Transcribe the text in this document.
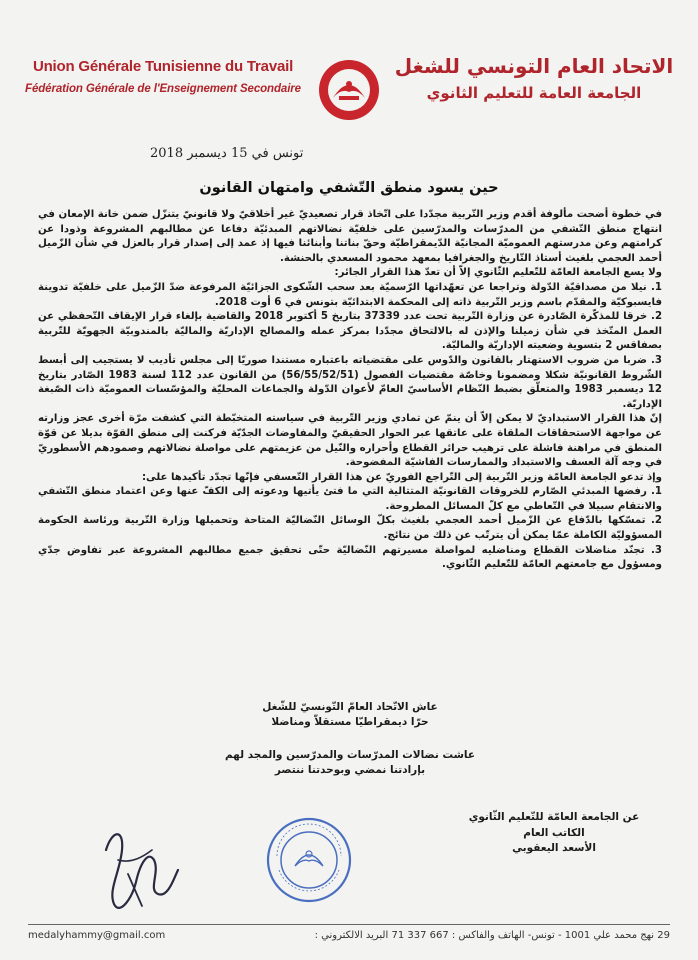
Union Générale Tunisienne du Travail
Fédération Générale de l'Enseignement Secondaire
الاتحاد العام التونسي للشغل
الجامعة العامة للتعليم الثانوي
تونس في 15 ديسمبر 2018
حين يسود منطق التّشفي وامتهان القانون

في خطوة أضحت مألوفة أقدم وزير التّربية مجدّدا على اتّخاذ قرار تصعيديّ غير أخلاقيّ ولا قانونيّ يتنزّل ضمن خانة الإمعان في انتهاج منطق التّشفي من المدرّسات والمدرّسين على خلفيّة نضالاتهم المبدئيّة دفاعا عن مطالبهم المشروعة وذودا عن كرامتهم وعن مدرستهم العموميّة المجانيّة الدّيمقراطيّة وحقّ بناتنا وأبنائنا فيها إذ عمد إلى إصدار قرار بالعزل في شأن الزّميل أحمد العجمي بلغيث أستاذ التّاريخ والجغرافيا بمعهد محمود المسعدي بالحنشة.

ولا يسع الجامعة العامّة للتّعليم الثّانوي إلاّ أن تعدّ هذا القرار الجائر:

1. نيلا من مصداقيّة الدّولة وتراجعا عن تعهّداتها الرّسميّة بعد سحب الشّكوى الجزائيّة المرفوعة ضدّ الزّميل على خلفيّة تدوينة فايسبوكيّة والمقدّم باسم وزير التّربية ذاته إلى المحكمة الابتدائيّة بتونس في 6 أوت 2018.

2. خرقا للمذكّرة الصّادرة عن وزارة التّربية تحت عدد 37339 بتاريخ 5 أكتوبر 2018 والقاضية بإلغاء قرار الإيقاف التّحفظي عن العمل المتّخذ في شأن زميلنا والإذن له بالالتحاق مجدّدا بمركز عمله والمصالح الإداريّة والماليّة بالمندوبيّة الجهويّة للتّربية بصفاقس 2 بتسوية وضعيته الإداريّة والماليّة.

3. ضربا من ضروب الاستهتار بالقانون والدّوس على مقتضياته باعتباره مستندا صوريّا إلى مجلس تأديب لا يستجيب إلى أبسط الشّروط القانونيّة شكلا ومضمونا وخاصّة مقتضيات الفصول (56/55/52/51) من القانون عدد 112 لسنة 1983 الصّادر بتاريخ 12 ديسمبر 1983 والمتعلّق بضبط النّظام الأساسيّ العامّ لأعوان الدّولة والجماعات المحليّة والمؤسّسات العموميّة ذات الصّبغة الإداريّة.

إنّ هذا القرار الاستبداديّ لا يمكن إلاّ أن ينمّ عن تمادي وزير التّربية في سياسته المتخبّطة التي كشفت مرّة أخرى عجز وزارته عن مواجهة الاستحقاقات الملقاة على عاتقها عبر الحوار الحقيقيّ والمفاوضات الجدّيّة فركنت إلى منطق القوّة بديلا عن قوّة المنطق في مراهنة فاشلة على ترهيب حرائر القطاع وأحراره والنّيل من عزيمتهم على مواصلة نضالاتهم وصمودهم الأسطوريّ في وجه آلة العسف والاستبداد والممارسات الفاشيّة المفضوحة.

وإذ تدعو الجامعة العامّة وزير التّربية إلى التّراجع الفوريّ عن هذا القرار التّعسفي فإنّها تجدّد تأكيدها على:

1. رفضها المبدئي الصّارم للخروقات القانونيّة المتتالية التي ما فتئ يأتيها ودعوته إلى الكفّ عنها وعن اعتماد منطق التّشفي والانتقام سبيلا في التّعاطي مع كلّ المسائل المطروحة.

2. تمسّكها بالدّفاع عن الزّميل أحمد العجمي بلغيث بكلّ الوسائل النّضاليّة المتاحة وتحميلها وزارة التّربية ورئاسة الحكومة المسؤوليّة الكاملة عمّا يمكن أن يترتّب عن ذلك من نتائج.

3. تجنّد مناضلات القطاع ومناضليه لمواصلة مسيرتهم النّضاليّة حتّى تحقيق جميع مطالبهم المشروعة عبر تفاوض جدّي ومسؤول مع جامعتهم العامّة للتّعليم الثّانوي.

عاش الاتّحاد العامّ التّونسيّ للشّغل
حرّا ديمقراطيّا مستقلاّ ومناضلا
عاشت نضالات المدرّسات والمدرّسين والمجد لهم
بإرادتنا نمضي وبوحدتنا ننتصر
عن الجامعة العامّة للتّعليم الثّانوي
الكاتب العام
الأسعد اليعقوبي
medalyhammy@gmail.com	29 نهج محمد علي 1001 - تونس- الهاتف والفاكس : 667 337 71 البريد الالكتروني :
